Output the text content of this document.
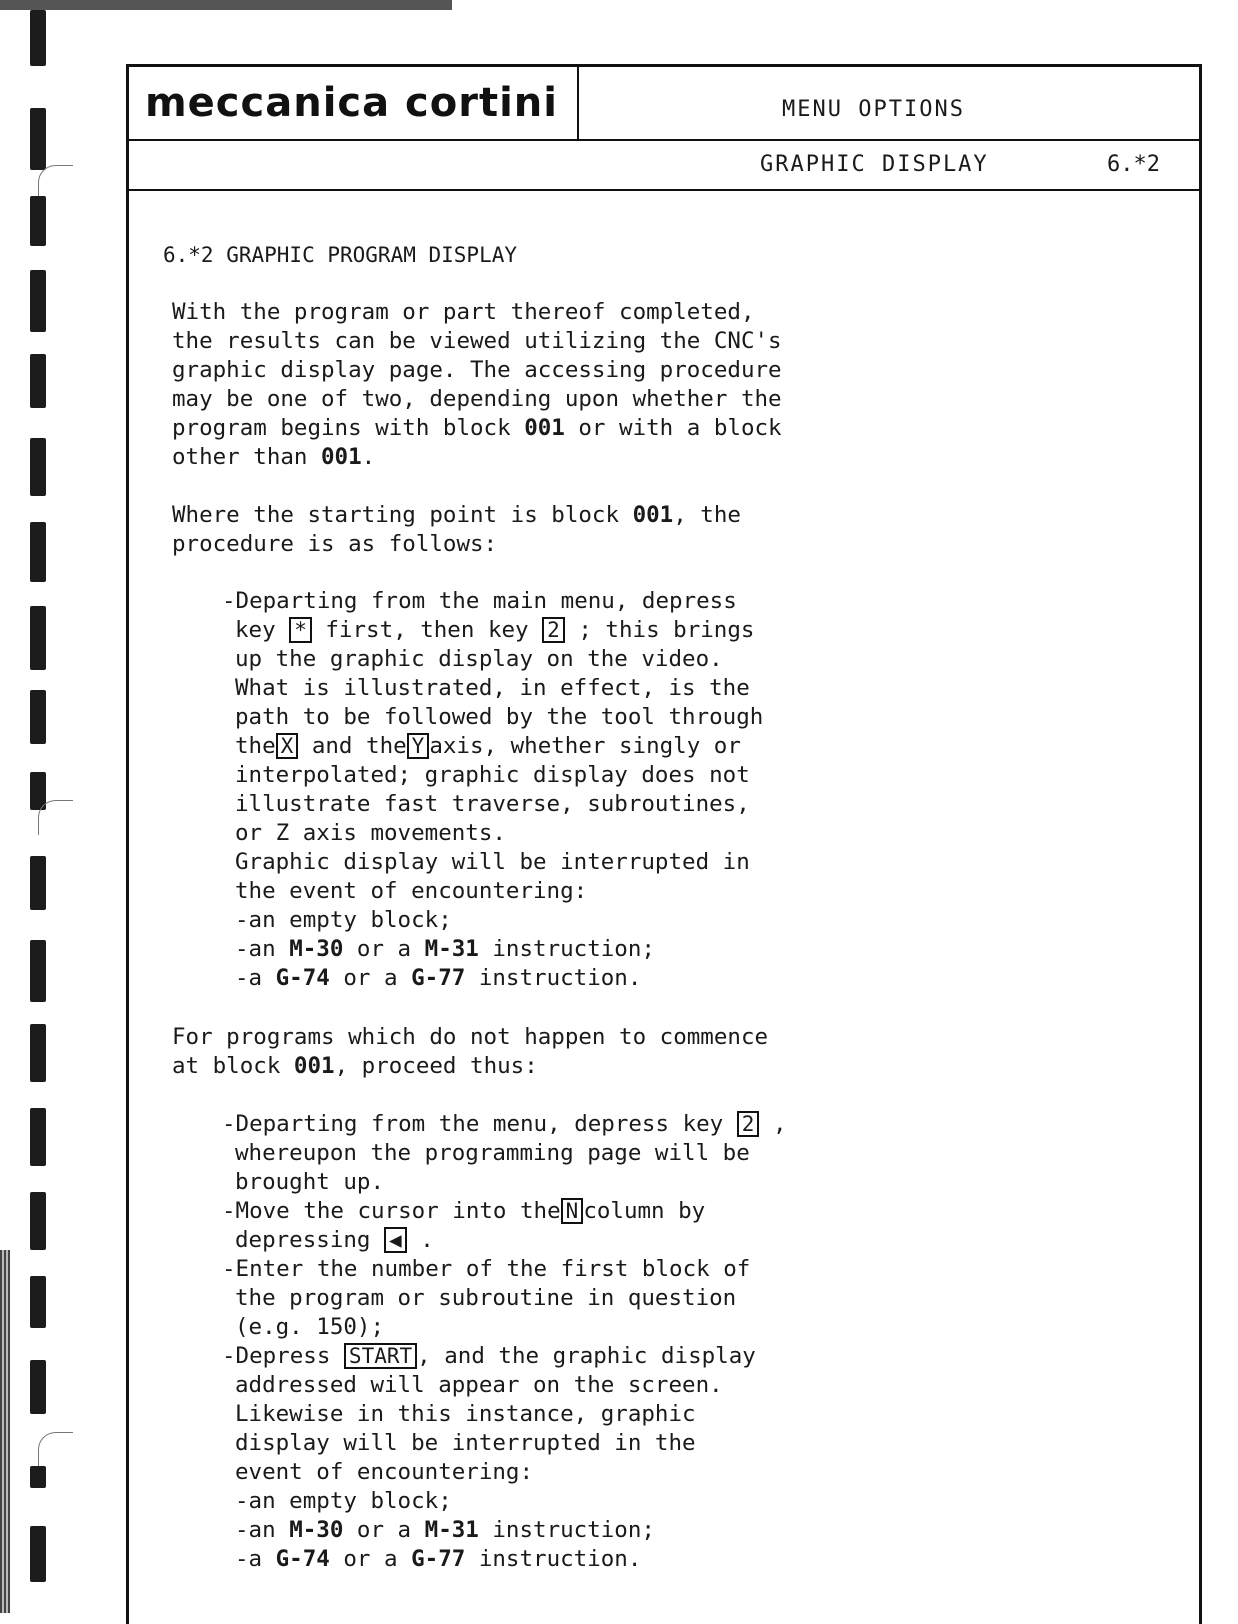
meccanica cortini	MENU OPTIONS
GRAPHIC DISPLAY	6.*2
6.*2 GRAPHIC PROGRAM DISPLAY
With the program or part thereof completed,
the results can be viewed utilizing the CNC's
graphic display page. The accessing procedure
may be one of two, depending upon whether the
program begins with block 001 or with a block
other than 001.
Where the starting point is block 001, the
procedure is as follows:
-Departing from the main menu, depress
key * first, then key 2 ; this brings
up the graphic display on the video.
What is illustrated, in effect, is the
path to be followed by the tool through
the X and the Y axis, whether singly or
interpolated; graphic display does not
illustrate fast traverse, subroutines,
or Z axis movements.
Graphic display will be interrupted in
the event of encountering:
-an empty block;
-an M-30 or a M-31 instruction;
-a G-74 or a G-77 instruction.
For programs which do not happen to commence
at block 001, proceed thus:
-Departing from the menu, depress key 2 ,
whereupon the programming page will be
brought up.
-Move the cursor into the N column by
depressing ◀ .
-Enter the number of the first block of
the program or subroutine in question
(e.g. 150);
-Depress START , and the graphic display
addressed will appear on the screen.
Likewise in this instance, graphic
display will be interrupted in the
event of encountering:
-an empty block;
-an M-30 or a M-31 instruction;
-a G-74 or a G-77 instruction.
